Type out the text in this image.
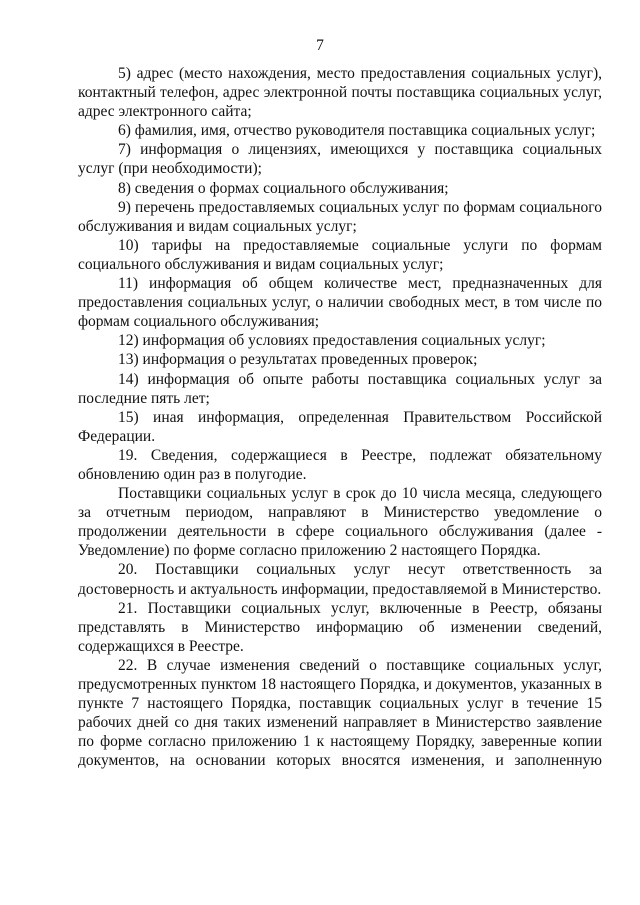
7

5) адрес (место нахождения, место предоставления социальных услуг), контактный телефон, адрес электронной почты поставщика социальных услуг, адрес электронного сайта;

6) фамилия, имя, отчество руководителя поставщика социальных услуг;

7) информация о лицензиях, имеющихся у поставщика социальных услуг (при необходимости);

8) сведения о формах социального обслуживания;

9) перечень предоставляемых социальных услуг по формам социального обслуживания и видам социальных услуг;

10) тарифы на предоставляемые социальные услуги по формам социального обслуживания и видам социальных услуг;

11) информация об общем количестве мест, предназначенных для предоставления социальных услуг, о наличии свободных мест, в том числе по формам социального обслуживания;

12) информация об условиях предоставления социальных услуг;

13) информация о результатах проведенных проверок;

14) информация об опыте работы поставщика социальных услуг за последние пять лет;

15) иная информация, определенная Правительством Российской Федерации.

19. Сведения, содержащиеся в Реестре, подлежат обязательному обновлению один раз в полугодие.

Поставщики социальных услуг в срок до 10 числа месяца, следующего за отчетным периодом, направляют в Министерство уведомление о продолжении деятельности в сфере социального обслуживания (далее - Уведомление) по форме согласно приложению 2 настоящего Порядка.

20. Поставщики социальных услуг несут ответственность за достоверность и актуальность информации, предоставляемой в Министерство.

21. Поставщики социальных услуг, включенные в Реестр, обязаны представлять в Министерство информацию об изменении сведений, содержащихся в Реестре.

22. В случае изменения сведений о поставщике социальных услуг, предусмотренных пунктом 18 настоящего Порядка, и документов, указанных в пункте 7 настоящего Порядка, поставщик социальных услуг в течение 15 рабочих дней со дня таких изменений направляет в Министерство заявление по форме согласно приложению 1 к настоящему Порядку, заверенные копии документов, на основании которых вносятся изменения, и заполненную
